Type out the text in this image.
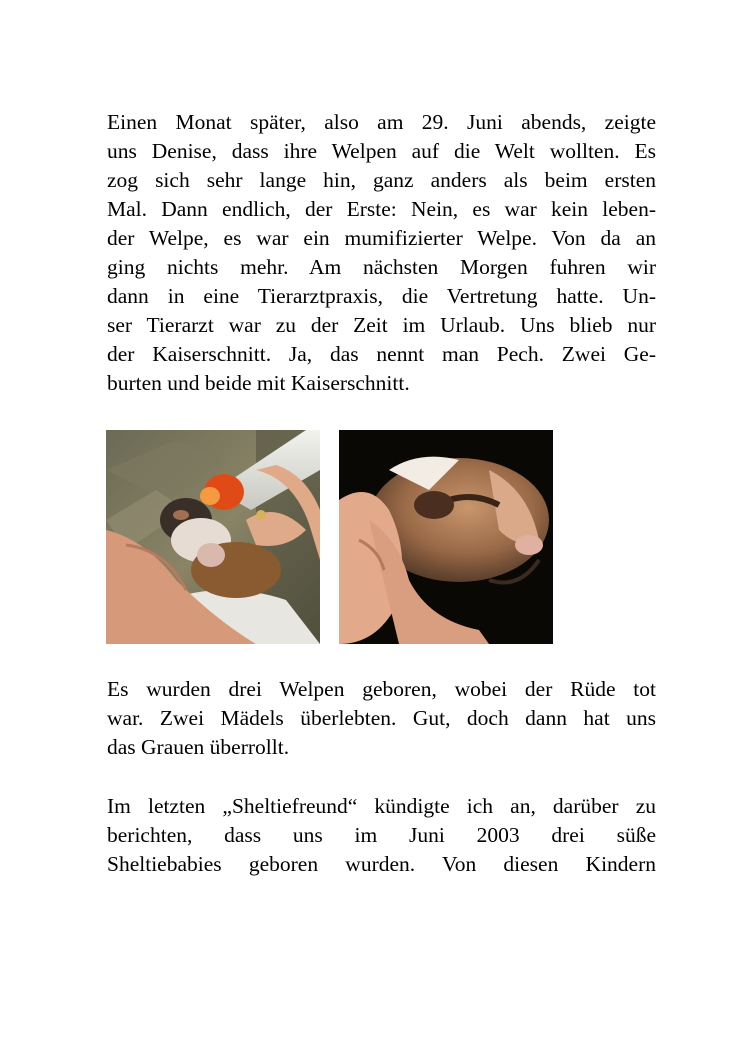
Einen Monat später, also am 29. Juni abends, zeigte
uns Denise, dass ihre Welpen auf die Welt wollten. Es
zog sich sehr lange hin, ganz anders als beim ersten
Mal. Dann endlich, der Erste: Nein, es war kein leben-
der Welpe, es war ein mumifizierter Welpe. Von da an
ging nichts mehr. Am nächsten Morgen fuhren wir
dann in eine Tierarztpraxis, die Vertretung hatte. Un-
ser Tierarzt war zu der Zeit im Urlaub. Uns blieb nur
der Kaiserschnitt. Ja, das nennt man Pech. Zwei Ge-
burten und beide mit Kaiserschnitt.
Es wurden drei Welpen geboren, wobei der Rüde tot
war. Zwei Mädels überlebten. Gut, doch dann hat uns
das Grauen überrollt.
Im letzten „Sheltiefreund“ kündigte ich an, darüber zu
berichten, dass uns im Juni 2003 drei süße
Sheltiebabies geboren wurden. Von diesen Kindern
